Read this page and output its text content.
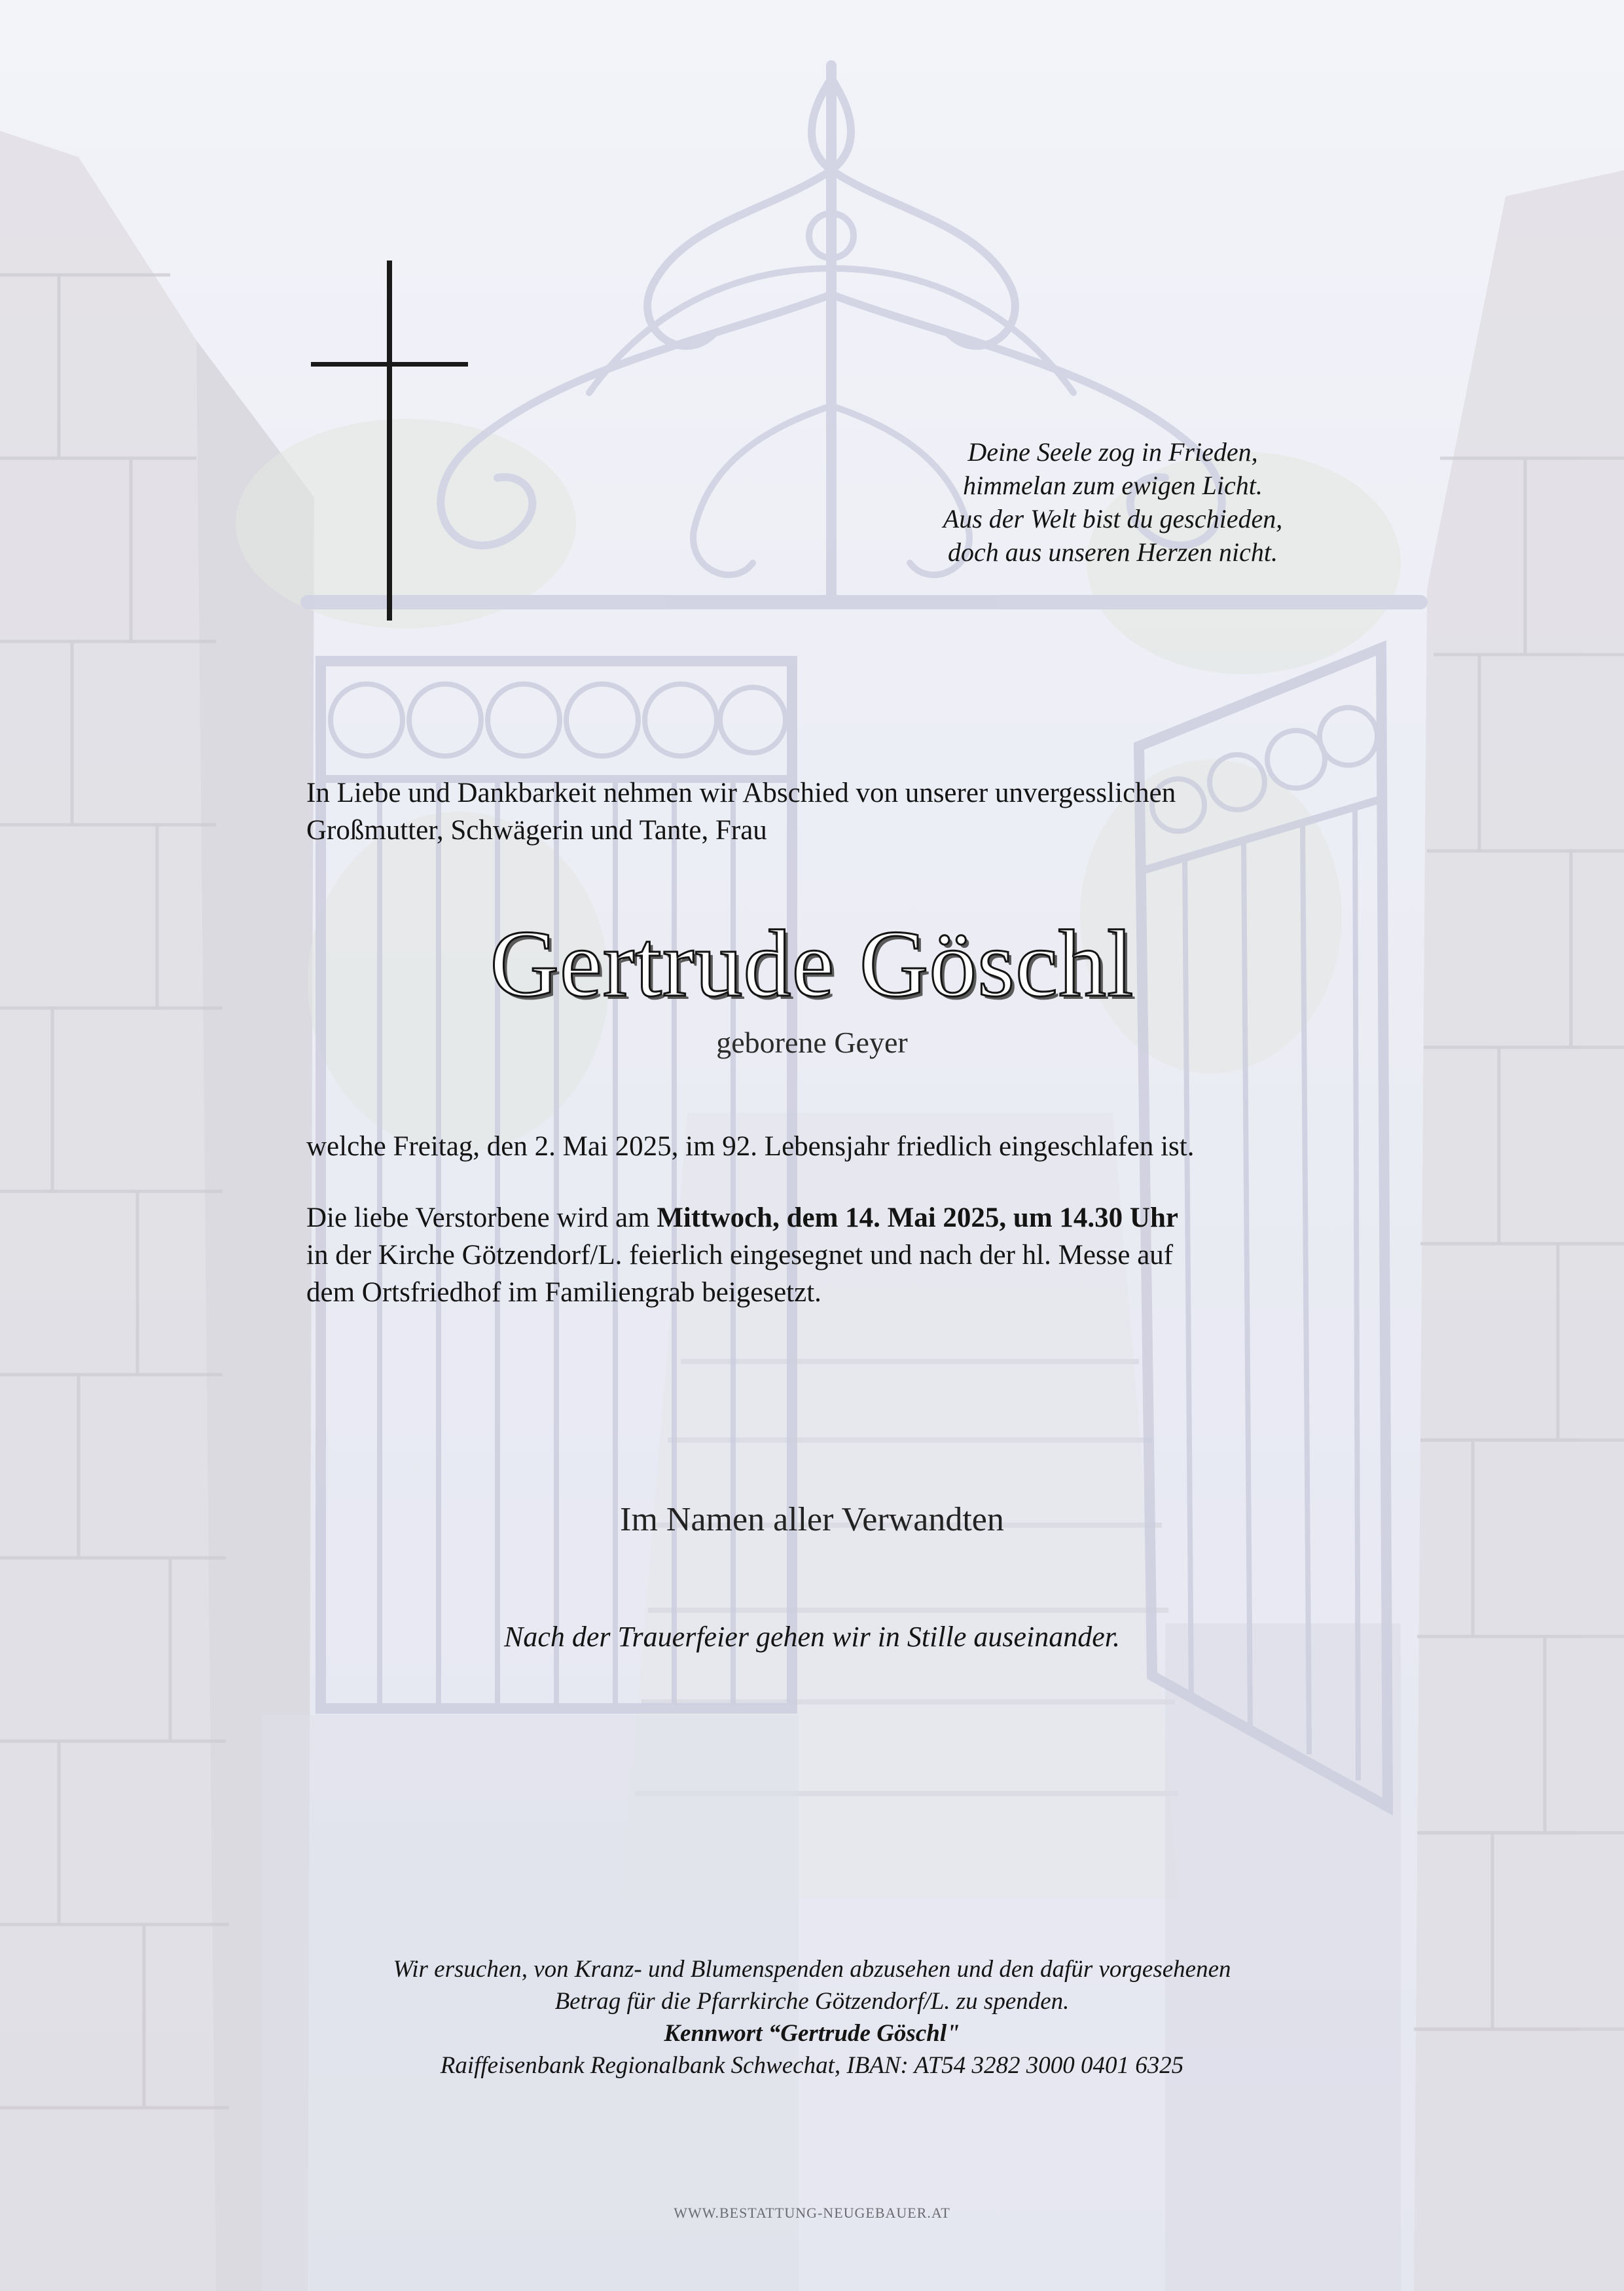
Deine Seele zog in Frieden,
himmelan zum ewigen Licht.
Aus der Welt bist du geschieden,
doch aus unseren Herzen nicht.
In Liebe und Dankbarkeit nehmen wir Abschied von unserer unvergesslichen
Großmutter, Schwägerin und Tante, Frau
Gertrude Göschl
geborene Geyer
welche Freitag, den 2. Mai 2025, im 92. Lebensjahr friedlich eingeschlafen ist.
Die liebe Verstorbene wird am Mittwoch, dem 14. Mai 2025, um 14.30 Uhr
in der Kirche Götzendorf/L. feierlich eingesegnet und nach der hl. Messe auf
dem Ortsfriedhof im Familiengrab beigesetzt.
Im Namen aller Verwandten
Nach der Trauerfeier gehen wir in Stille auseinander.
Wir ersuchen, von Kranz- und Blumenspenden abzusehen und den dafür vorgesehenen
Betrag für die Pfarrkirche Götzendorf/L. zu spenden.
Kennwort “Gertrude Göschl"
Raiffeisenbank Regionalbank Schwechat, IBAN: AT54 3282 3000 0401 6325
WWW.BESTATTUNG-NEUGEBAUER.AT
